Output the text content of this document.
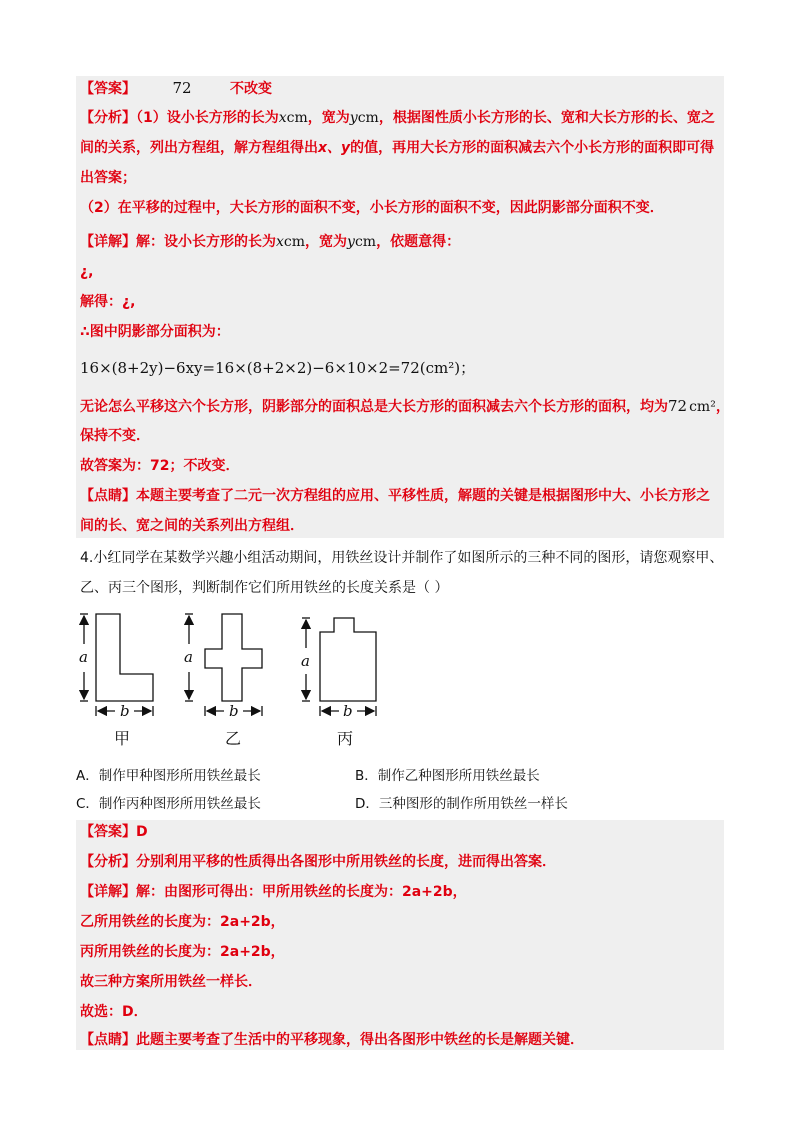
【答案】 72	不改变
【分析】（1）设小长方形的长为xcm，宽为ycm，根据图性质小长方形的长、宽和大长方形的长、宽之
间的关系，列出方程组，解方程组得出x、y的值，再用大长方形的面积减去六个小长方形的面积即可得
出答案；
（2）在平移的过程中，大长方形的面积不变，小长方形的面积不变，因此阴影部分面积不变．
【详解】解：设小长方形的长为xcm，宽为ycm，依题意得：
¿,
解得：¿,
∴图中阴影部分面积为：
16×(8+2y)−6xy=16×(8+2×2)−6×10×2=72(cm²)；
无论怎么平移这六个长方形，阴影部分的面积总是大长方形的面积减去六个长方形的面积，均为72 cm²，
保持不变．
故答案为：72；不改变．
【点睛】本题主要考查了二元一次方程组的应用、平移性质，解题的关键是根据图形中大、小长方形之
间的长、宽之间的关系列出方程组．
4.小红同学在某数学兴趣小组活动期间，用铁丝设计并制作了如图所示的三种不同的图形，请您观察甲、
乙、丙三个图形，判断制作它们所用铁丝的长度关系是（ ）
a
b
a
b
a
b
甲	乙	丙
A．制作甲种图形所用铁丝最长	B．制作乙种图形所用铁丝最长
C．制作丙种图形所用铁丝最长	D．三种图形的制作所用铁丝一样长
【答案】D
【分析】分别利用平移的性质得出各图形中所用铁丝的长度，进而得出答案．
【详解】解：由图形可得出：甲所用铁丝的长度为：2a+2b，
乙所用铁丝的长度为：2a+2b，
丙所用铁丝的长度为：2a+2b，
故三种方案所用铁丝一样长．
故选：D．
【点睛】此题主要考查了生活中的平移现象，得出各图形中铁丝的长是解题关键．
